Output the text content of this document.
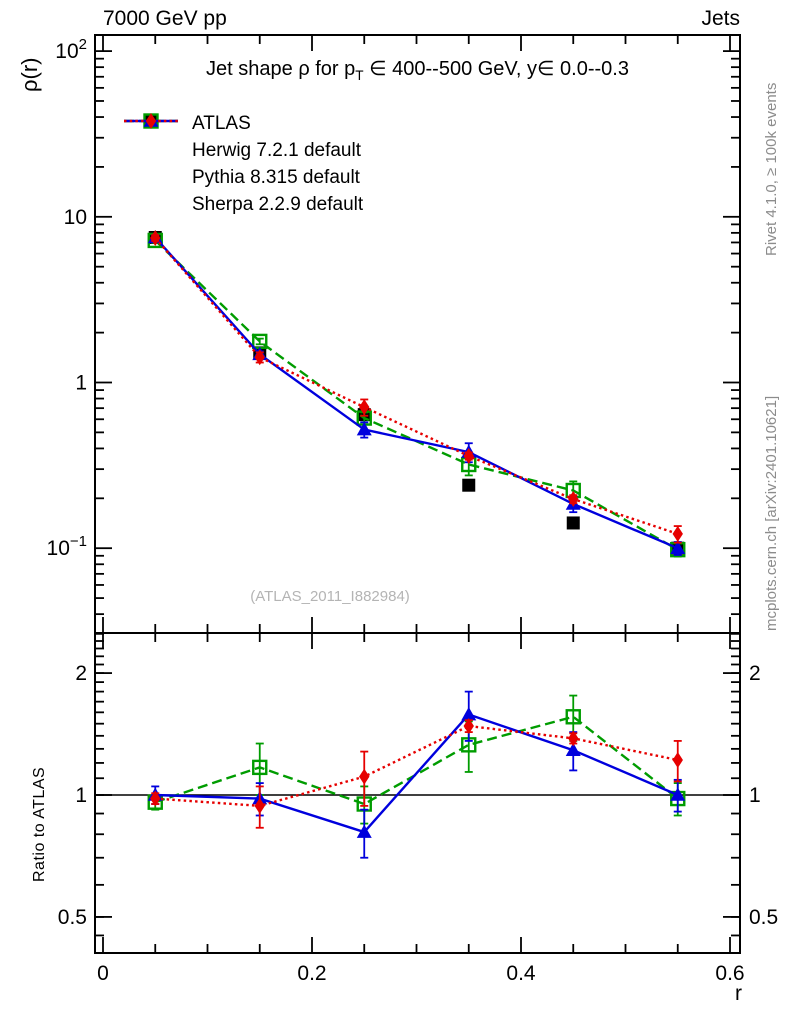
$10^2$
10
1
$10^{-1}$
2	2
1	1
0.5	0.5
0	0.2	0.4	0.6
7000 GeV pp	Jets
Jet shape ρ for $p_T$ ∈ 400--500 GeV, y∈ 0.0--0.3
ATLAS
Herwig 7.2.1 default
Pythia 8.315 default
Sherpa 2.2.9 default
ρ(r)
Ratio to ATLAS
r
(ATLAS_2011_I882984)
Rivet 4.1.0, ≥ 100k events
mcplots.cern.ch [arXiv:2401.10621]
